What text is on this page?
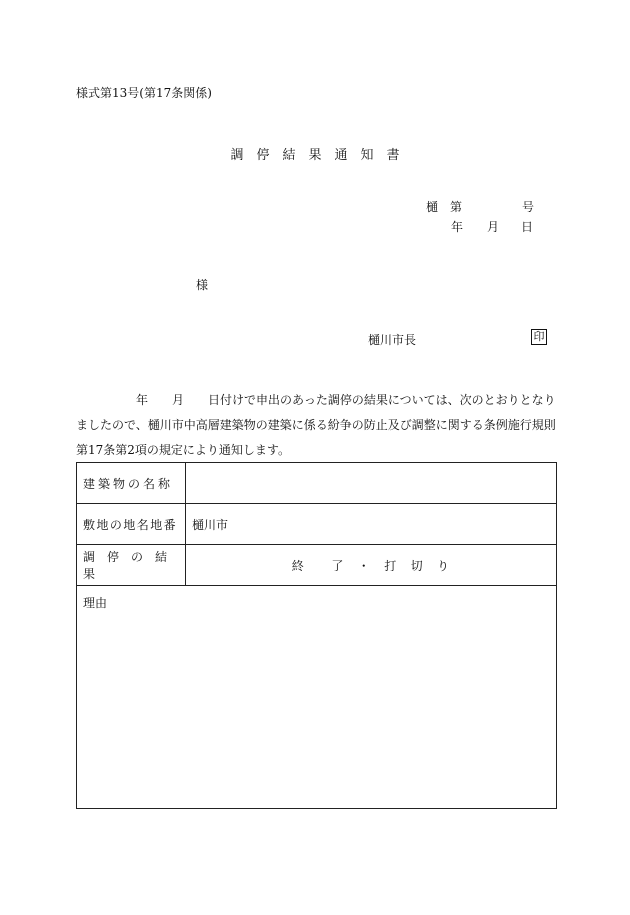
様式第13号(第17条関係)
調　停　結　果　通　知　書
樋 第	号
年 月 日
様
樋川市長	印
年 月 日付けで申出のあった調停の結果については、次のとおりとなり
ましたので、樋川市中高層建築物の建築に係る紛争の防止及び調整に関する条例施行規則
第17条第2項の規定により通知します。
建築物の名称	
敷地の地名地番	樋川市
調　停　の　結　果	終　　了　・　打　切　り
理由	
